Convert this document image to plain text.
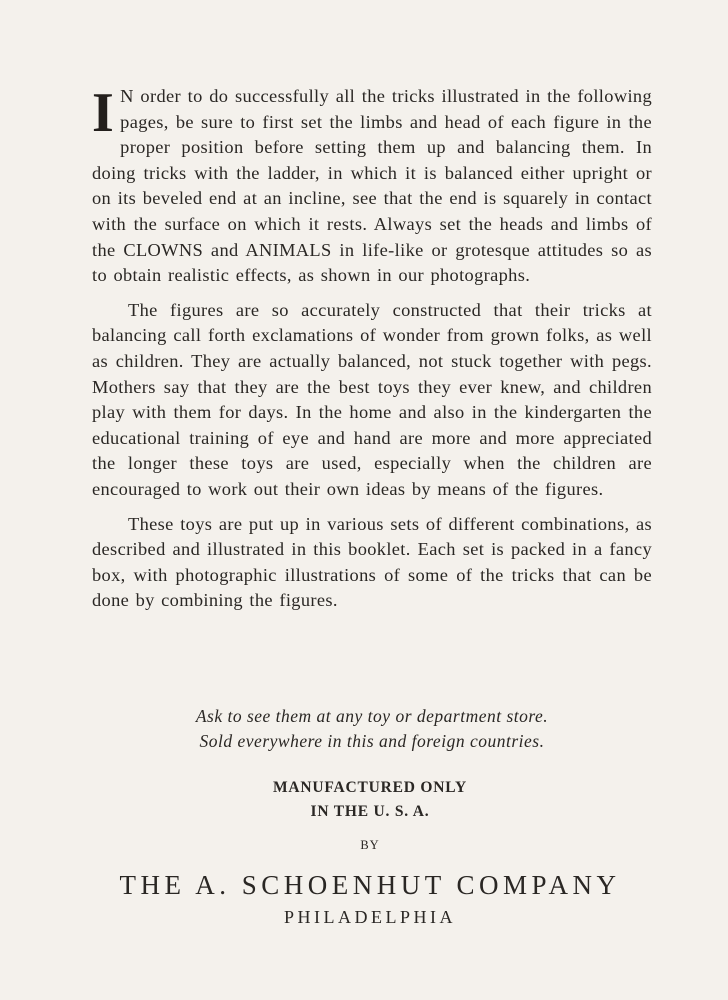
I N order to do successfully all the tricks illustrated in the following pages, be sure to first set the limbs and head of each figure in the proper position before setting them up and balancing them. In doing tricks with the ladder, in which it is balanced either upright or on its beveled end at an incline, see that the end is squarely in contact with the surface on which it rests. Always set the heads and limbs of the CLOWNS and ANIMALS in life-like or grotesque attitudes so as to obtain realistic effects, as shown in our photographs.

The figures are so accurately constructed that their tricks at balancing call forth exclamations of wonder from grown folks, as well as children. They are actually balanced, not stuck together with pegs. Mothers say that they are the best toys they ever knew, and children play with them for days. In the home and also in the kindergarten the educational training of eye and hand are more and more appreciated the longer these toys are used, especially when the children are encouraged to work out their own ideas by means of the figures.

These toys are put up in various sets of different combinations, as described and illustrated in this booklet. Each set is packed in a fancy box, with photographic illustrations of some of the tricks that can be done by combining the figures.

Ask to see them at any toy or department store.
Sold everywhere in this and foreign countries.
MANUFACTURED ONLY
IN THE U. S. A.
BY
THE A. SCHOENHUT COMPANY
PHILADELPHIA
